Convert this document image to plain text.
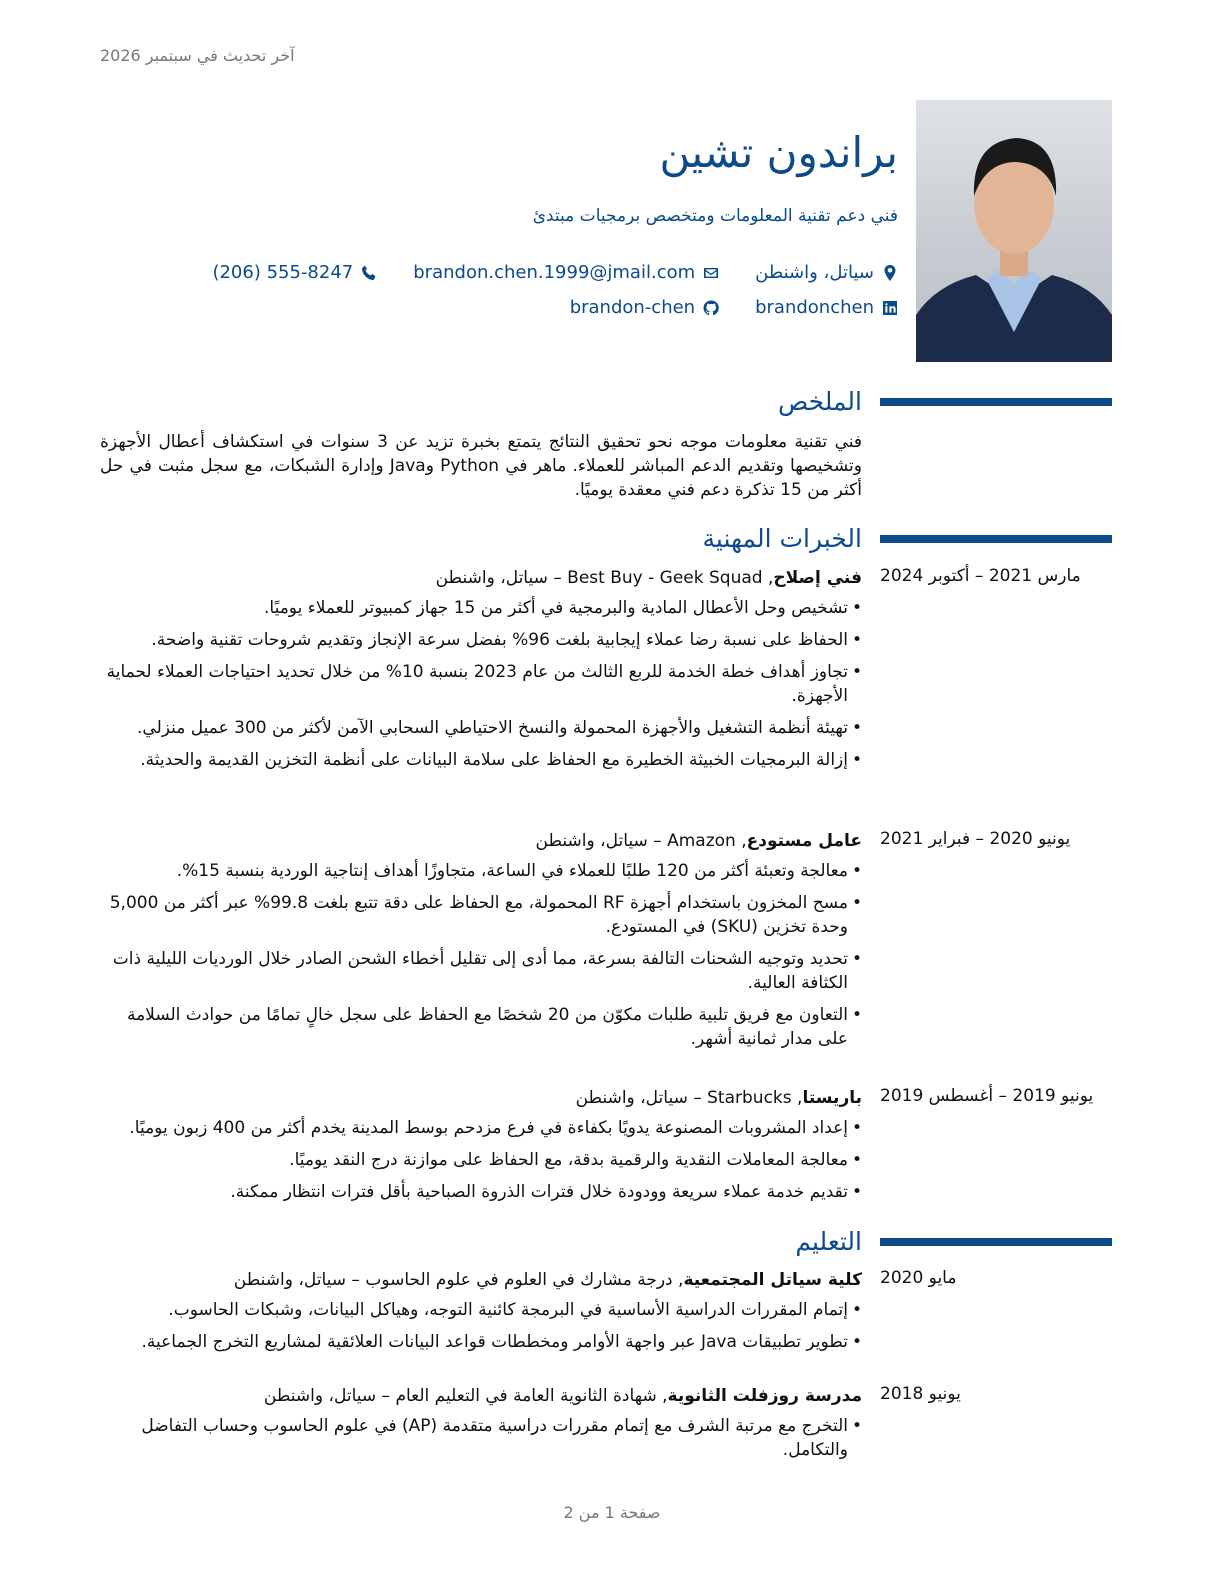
آخر تحديث في سبتمبر 2026
براندون تشين
فني دعم تقنية المعلومات ومتخصص برمجيات مبتدئ
سياتل، واشنطن
brandon.chen.1999@jmail.com
(206) 555-8247
brandonchen
brandon-chen
الملخص
فني تقنية معلومات موجه نحو تحقيق النتائج يتمتع بخبرة تزيد عن 3 سنوات في استكشاف أعطال الأجهزة وتشخيصها وتقديم الدعم المباشر للعملاء. ماهر في Python وJava وإدارة الشبكات، مع سجل مثبت في حل أكثر من 15 تذكرة دعم فني معقدة يوميًا.
الخبرات المهنية
مارس 2021 – أكتوبر 2024
فني إصلاح, Best Buy - Geek Squad – سياتل، واشنطن
• تشخيص وحل الأعطال المادية والبرمجية في أكثر من 15 جهاز كمبيوتر للعملاء يوميًا.
• الحفاظ على نسبة رضا عملاء إيجابية بلغت 96% بفضل سرعة الإنجاز وتقديم شروحات تقنية واضحة.
• تجاوز أهداف خطة الخدمة للربع الثالث من عام 2023 بنسبة 10% من خلال تحديد احتياجات العملاء لحماية الأجهزة.
• تهيئة أنظمة التشغيل والأجهزة المحمولة والنسخ الاحتياطي السحابي الآمن لأكثر من 300 عميل منزلي.
• إزالة البرمجيات الخبيثة الخطيرة مع الحفاظ على سلامة البيانات على أنظمة التخزين القديمة والحديثة.
يونيو 2020 – فبراير 2021
عامل مستودع, Amazon – سياتل، واشنطن
• معالجة وتعبئة أكثر من 120 طلبًا للعملاء في الساعة، متجاوزًا أهداف إنتاجية الوردية بنسبة 15%.
• مسح المخزون باستخدام أجهزة RF المحمولة، مع الحفاظ على دقة تتبع بلغت 99.8% عبر أكثر من 5,000 وحدة تخزين (SKU) في المستودع.
• تحديد وتوجيه الشحنات التالفة بسرعة، مما أدى إلى تقليل أخطاء الشحن الصادر خلال الورديات الليلية ذات الكثافة العالية.
• التعاون مع فريق تلبية طلبات مكوّن من 20 شخصًا مع الحفاظ على سجل خالٍ تمامًا من حوادث السلامة على مدار ثمانية أشهر.
يونيو 2019 – أغسطس 2019
باريستا, Starbucks – سياتل، واشنطن
• إعداد المشروبات المصنوعة يدويًا بكفاءة في فرع مزدحم بوسط المدينة يخدم أكثر من 400 زبون يوميًا.
• معالجة المعاملات النقدية والرقمية بدقة، مع الحفاظ على موازنة درج النقد يوميًا.
• تقديم خدمة عملاء سريعة وودودة خلال فترات الذروة الصباحية بأقل فترات انتظار ممكنة.
التعليم
مايو 2020
كلية سياتل المجتمعية, درجة مشارك في العلوم في علوم الحاسوب – سياتل، واشنطن
• إتمام المقررات الدراسية الأساسية في البرمجة كائنية التوجه، وهياكل البيانات، وشبكات الحاسوب.
• تطوير تطبيقات Java عبر واجهة الأوامر ومخططات قواعد البيانات العلائقية لمشاريع التخرج الجماعية.
يونيو 2018
مدرسة روزفلت الثانوية, شهادة الثانوية العامة في التعليم العام – سياتل، واشنطن
• التخرج مع مرتبة الشرف مع إتمام مقررات دراسية متقدمة (AP) في علوم الحاسوب وحساب التفاضل والتكامل.
صفحة 1 من 2
